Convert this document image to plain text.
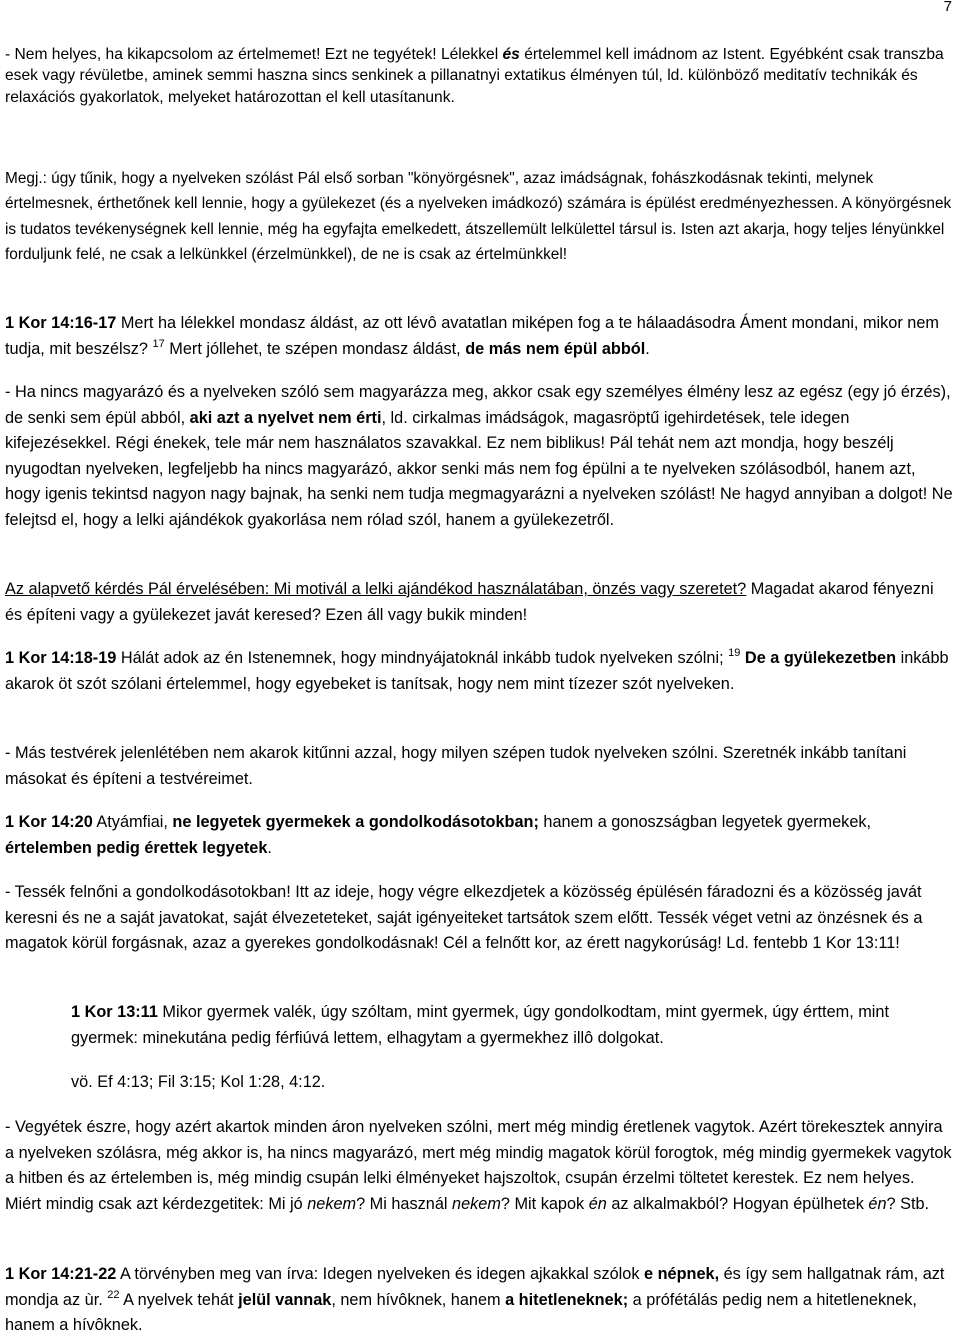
7

- Nem helyes, ha kikapcsolom az értelmemet! Ezt ne tegyétek! Lélekkel és értelemmel kell imádnom az Istent. Egyébként csak transzba esek vagy révületbe, aminek semmi haszna sincs senkinek a pillanatnyi extatikus élményen túl, ld. különböző meditatív technikák és relaxációs gyakorlatok, melyeket határozottan el kell utasítanunk.

Megj.: úgy tűnik, hogy a nyelveken szólást Pál első sorban "könyörgésnek", azaz imádságnak, fohászkodásnak tekinti, melynek értelmesnek, érthetőnek kell lennie, hogy a gyülekezet (és a nyelveken imádkozó) számára is épülést eredményezhessen. A könyörgésnek is tudatos tevékenységnek kell lennie, még ha egyfajta emelkedett, átszellemült lelkülettel társul is. Isten azt akarja, hogy teljes lényünkkel forduljunk felé, ne csak a lelkünkkel (érzelmünkkel), de ne is csak az értelmünkkel!

1 Kor 14:16-17 Mert ha lélekkel mondasz áldást, az ott lévô avatatlan miképen fog a te hálaadásodra Áment mondani, mikor nem tudja, mit beszélsz? $^{17}$ Mert jóllehet, te szépen mondasz áldást, de más nem épül abból.

- Ha nincs magyarázó és a nyelveken szóló sem magyarázza meg, akkor csak egy személyes élmény lesz az egész (egy jó érzés), de senki sem épül abból, aki azt a nyelvet nem érti, ld. cirkalmas imádságok, magasröptű igehirdetések, tele idegen kifejezésekkel. Régi énekek, tele már nem használatos szavakkal. Ez nem biblikus! Pál tehát nem azt mondja, hogy beszélj nyugodtan nyelveken, legfeljebb ha nincs magyarázó, akkor senki más nem fog épülni a te nyelveken szólásodból, hanem azt, hogy igenis tekintsd nagyon nagy bajnak, ha senki nem tudja megmagyarázni a nyelveken szólást! Ne hagyd annyiban a dolgot! Ne felejtsd el, hogy a lelki ajándékok gyakorlása nem rólad szól, hanem a gyülekezetről.

Az alapvető kérdés Pál érvelésében: Mi motivál a lelki ajándékod használatában, önzés vagy szeretet? Magadat akarod fényezni és építeni vagy a gyülekezet javát keresed? Ezen áll vagy bukik minden!

1 Kor 14:18-19 Hálát adok az én Istenemnek, hogy mindnyájatoknál inkább tudok nyelveken szólni; $^{19}$ De a gyülekezetben inkább akarok öt szót szólani értelemmel, hogy egyebeket is tanítsak, hogy nem mint tízezer szót nyelveken.

- Más testvérek jelenlétében nem akarok kitűnni azzal, hogy milyen szépen tudok nyelveken szólni. Szeretnék inkább tanítani másokat és építeni a testvéreimet.

1 Kor 14:20 Atyámfiai, ne legyetek gyermekek a gondolkodásotokban; hanem a gonoszságban legyetek gyermekek, értelemben pedig érettek legyetek.

- Tessék felnőni a gondolkodásotokban! Itt az ideje, hogy végre elkezdjetek a közösség épülésén fáradozni és a közösség javát keresni és ne a saját javatokat, saját élvezeteteket, saját igényeiteket tartsátok szem előtt. Tessék véget vetni az önzésnek és a magatok körül forgásnak, azaz a gyerekes gondolkodásnak! Cél a felnőtt kor, az érett nagykorúság! Ld. fentebb 1 Kor 13:11!

1 Kor 13:11 Mikor gyermek valék, úgy szóltam, mint gyermek, úgy gondolkodtam, mint gyermek, úgy érttem, mint gyermek: minekutána pedig férfiúvá lettem, elhagytam a gyermekhez illô dolgokat.

vö. Ef 4:13; Fil 3:15; Kol 1:28, 4:12.

- Vegyétek észre, hogy azért akartok minden áron nyelveken szólni, mert még mindig éretlenek vagytok. Azért törekesztek annyira a nyelveken szólásra, még akkor is, ha nincs magyarázó, mert még mindig magatok körül forogtok, még mindig gyermekek vagytok a hitben és az értelemben is, még mindig csupán lelki élményeket hajszoltok, csupán érzelmi töltetet kerestek. Ez nem helyes. Miért mindig csak azt kérdezgetitek: Mi jó nekem? Mi használ nekem? Mit kapok én az alkalmakból? Hogyan épülhetek én? Stb.

1 Kor 14:21-22 A törvényben meg van írva: Idegen nyelveken és idegen ajkakkal szólok e népnek, és így sem hallgatnak rám, azt mondja az ùr. $^{22}$ A nyelvek tehát jelül vannak, nem hívôknek, hanem a hitetleneknek; a prófétálás pedig nem a hitetleneknek, hanem a hívôknek.
